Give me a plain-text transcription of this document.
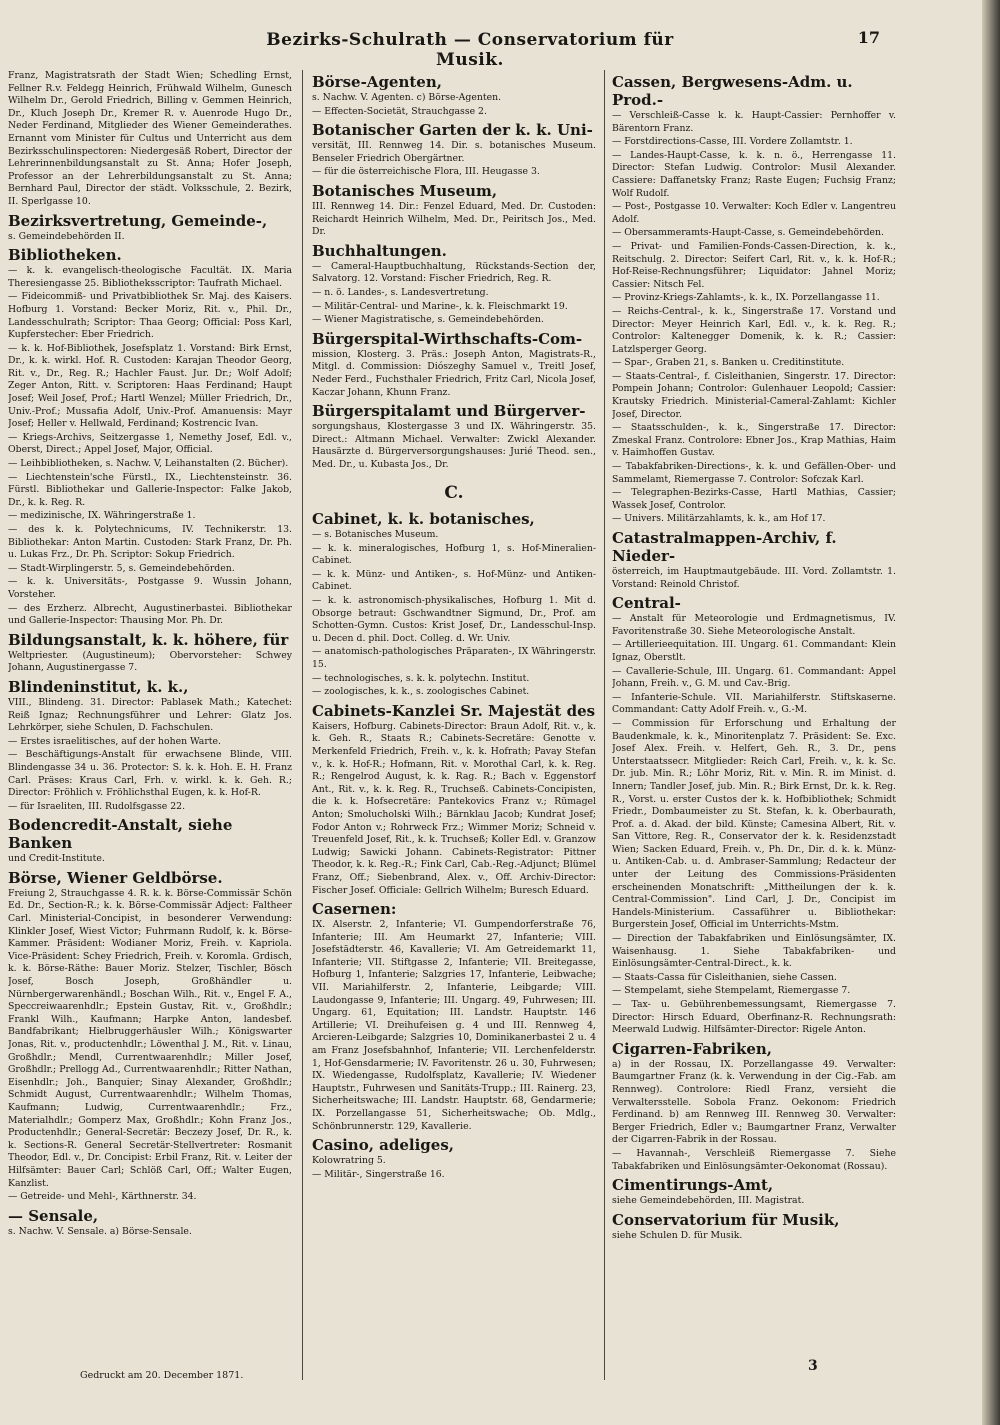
Bezirks-Schulrath — Conservatorium für Musik.
17
Franz, Magistratsrath der Stadt Wien; Schedling Ernst, Fellner R.v. Feldegg Heinrich, Frühwald Wilhelm, Gunesch Wilhelm Dr., Gerold Friedrich, Billing v. Gemmen Heinrich, Dr., Kluch Joseph Dr., Kremer R. v. Auenrode Hugo Dr., Neder Ferdinand, Mitglieder des Wiener Gemeinderathes. Ernannt vom Minister für Cultus und Unterricht aus dem Bezirksschulinspectoren: Niedergesäß Robert, Director der Lehrerinnenbildungsanstalt zu St. Anna; Hofer Joseph, Professor an der Lehrerbildungsanstalt zu St. Anna; Bernhard Paul, Director der städt. Volksschule, 2. Bezirk, II. Sperlgasse 10.
Bezirksvertretung, Gemeinde-,
s. Gemeindebehörden II.
Bibliotheken.
— k. k. evangelisch-theologische Facultät. IX. Maria Theresiengasse 25. Bibliotheksscriptor: Taufrath Michael.
— Fideicommiß- und Privatbibliothek Sr. Maj. des Kaisers. Hofburg 1. Vorstand: Becker Moriz, Rit. v., Phil. Dr., Landesschulrath; Scriptor: Thaa Georg; Official: Poss Karl, Kupferstecher: Eber Friedrich.
— k. k. Hof-Bibliothek, Josefsplatz 1. Vorstand: Birk Ernst, Dr., k. k. wirkl. Hof. R. Custoden: Karajan Theodor Georg, Rit. v., Dr., Reg. R.; Hachler Faust. Jur. Dr.; Wolf Adolf; Zeger Anton, Ritt. v. Scriptoren: Haas Ferdinand; Haupt Josef; Weil Josef, Prof.; Hartl Wenzel; Müller Friedrich, Dr., Univ.-Prof.; Mussafia Adolf, Univ.-Prof. Amanuensis: Mayr Josef; Heller v. Hellwald, Ferdinand; Kostrencic Ivan.
— Kriegs-Archivs, Seitzergasse 1, Nemethy Josef, Edl. v., Oberst, Direct.; Appel Josef, Major, Official.
— Leihbibliotheken, s. Nachw. V, Leihanstalten (2. Bücher).
— Liechtenstein'sche Fürstl., IX., Liechtensteinstr. 36. Fürstl. Bibliothekar und Gallerie-Inspector: Falke Jakob, Dr., k. k. Reg. R.
— medizinische, IX. Währingerstraße 1.
— des k. k. Polytechnicums, IV. Technikerstr. 13. Bibliothekar: Anton Martin. Custoden: Stark Franz, Dr. Ph. u. Lukas Frz., Dr. Ph. Scriptor: Sokup Friedrich.
— Stadt-Wirplingerstr. 5, s. Gemeindebehörden.
— k. k. Universitäts-, Postgasse 9. Wussin Johann, Vorsteher.
— des Erzherz. Albrecht, Augustinerbastei. Bibliothekar und Gallerie-Inspector: Thausing Mor. Ph. Dr.
Bildungsanstalt, k. k. höhere, für
Weltpriester. (Augustineum); Obervorsteher: Schwey Johann, Augustinergasse 7.
Blindeninstitut, k. k.,
VIII., Blindeng. 31. Director: Pablasek Math.; Katechet: Reiß Ignaz; Rechnungsführer und Lehrer: Glatz Jos. Lehrkörper, siehe Schulen, D. Fachschulen.
— Erstes israelitisches, auf der hohen Warte.
— Beschäftigungs-Anstalt für erwachsene Blinde, VIII. Blindengasse 34 u. 36. Protector: S. k. k. Hoh. E. H. Franz Carl. Präses: Kraus Carl, Frh. v. wirkl. k. k. Geh. R.; Director: Fröhlich v. Fröhlichsthal Eugen, k. k. Hof-R.
— für Israeliten, III. Rudolfsgasse 22.
Bodencredit-Anstalt, siehe Banken
und Credit-Institute.
Börse, Wiener Geldbörse.
Freiung 2, Strauchgasse 4. R. k. k. Börse-Commissär Schön Ed. Dr., Section-R.; k. k. Börse-Commissär Adject: Faltheer Carl. Ministerial-Concipist, in besonderer Verwendung: Klinkler Josef, Wiest Victor; Fuhrmann Rudolf, k. k. Börse-Kammer. Präsident: Wodianer Moriz, Freih. v. Kapriola. Vice-Präsident: Schey Friedrich, Freih. v. Koromla. Grdisch, k. k. Börse-Räthe: Bauer Moriz. Stelzer, Tischler, Bösch Josef, Bosch Joseph, Großhändler u. Nürnbergerwarenhändl.; Boschan Wilh., Rit. v., Engel F. A., Speccreiwaarenhdlr.; Epstein Gustav, Rit. v., Großhdlr.; Frankl Wilh., Kaufmann; Harpke Anton, landesbef. Bandfabrikant; Hielbruggerhäusler Wilh.; Königswarter Jonas, Rit. v., productenhdlr.; Löwenthal J. M., Rit. v. Linau, Großhdlr.; Mendl, Currentwaarenhdlr.; Miller Josef, Großhdlr.; Prellogg Ad., Currentwaarenhdlr.; Ritter Nathan, Eisenhdlr.; Joh., Banquier; Sinay Alexander, Großhdlr.; Schmidt August, Currentwaarenhdlr.; Wilhelm Thomas, Kaufmann; Ludwig, Currentwaarenhdlr.; Frz., Materialhdlr.; Gomperz Max, Großhdlr.; Kohn Franz Jos., Productenhdlr.; General-Secretär: Beczezy Josef, Dr. R., k. k. Sections-R. General Secretär-Stellvertreter: Rosmanit Theodor, Edl. v., Dr. Concipist: Erbil Franz, Rit. v. Leiter der Hilfsämter: Bauer Carl; Schlöß Carl, Off.; Walter Eugen, Kanzlist.
— Getreide- und Mehl-, Kärthnerstr. 34.
— Sensale,
s. Nachw. V. Sensale. a) Börse-Sensale.
Börse-Agenten,
s. Nachw. V. Agenten. c) Börse-Agenten.
— Effecten-Societät, Strauchgasse 2.
Botanischer Garten der k. k. Uni-
versität, III. Rennweg 14. Dir. s. botanisches Museum. Benseler Friedrich Obergärtner.
— für die österreichische Flora, III. Heugasse 3.
Botanisches Museum,
III. Rennweg 14. Dir.: Fenzel Eduard, Med. Dr. Custoden: Reichardt Heinrich Wilhelm, Med. Dr., Peiritsch Jos., Med. Dr.
Buchhaltungen.
— Cameral-Hauptbuchhaltung, Rückstands-Section der, Salvatorg. 12. Vorstand: Fischer Friedrich, Reg. R.
— n. ö. Landes-, s. Landesvertretung.
— Militär-Central- und Marine-, k. k. Fleischmarkt 19.
— Wiener Magistratische, s. Gemeindebehörden.
Bürgerspital-Wirthschafts-Com-
mission, Klosterg. 3. Präs.: Joseph Anton, Magistrats-R., Mitgl. d. Commission: Diószeghy Samuel v., Treitl Josef, Neder Ferd., Fuchsthaler Friedrich, Fritz Carl, Nicola Josef, Kaczar Johann, Khunn Franz.
Bürgerspitalamt und Bürgerver-
sorgungshaus, Klostergasse 3 und IX. Währingerstr. 35. Direct.: Altmann Michael. Verwalter: Zwickl Alexander. Hausärzte d. Bürgerversorgungshauses: Jurié Theod. sen., Med. Dr., u. Kubasta Jos., Dr.
C.
Cabinet, k. k. botanisches,
— s. Botanisches Museum.
— k. k. mineralogisches, Hofburg 1, s. Hof-Mineralien-Cabinet.
— k. k. Münz- und Antiken-, s. Hof-Münz- und Antiken-Cabinet.
— k. k. astronomisch-physikalisches, Hofburg 1. Mit d. Obsorge betraut: Gschwandtner Sigmund, Dr., Prof. am Schotten-Gymn. Custos: Krist Josef, Dr., Landesschul-Insp. u. Decen d. phil. Doct. Colleg. d. Wr. Univ.
— anatomisch-pathologisches Präparaten-, IX Währingerstr. 15.
— technologisches, s. k. k. polytechn. Institut.
— zoologisches, k. k., s. zoologisches Cabinet.
Cabinets-Kanzlei Sr. Majestät des
Kaisers, Hofburg. Cabinets-Director: Braun Adolf, Rit. v., k. k. Geh. R., Staats R.; Cabinets-Secretäre: Genotte v. Merkenfeld Friedrich, Freih. v., k. k. Hofrath; Pavay Stefan v., k. k. Hof-R.; Hofmann, Rit. v. Morothal Carl, k. k. Reg. R.; Rengelrod August, k. k. Rag. R.; Bach v. Eggenstorf Ant., Rit. v., k. k. Reg. R., Truchseß. Cabinets-Concipisten, die k. k. Hofsecretäre: Pantekovics Franz v.; Rümagel Anton; Smolucholski Wilh.; Bärnklau Jacob; Kundrat Josef; Fodor Anton v.; Rohrweck Frz.; Wimmer Moriz; Schneid v. Treuenfeld Josef, Rit., k. k. Truchseß; Koller Edl. v. Granzow Ludwig; Sawicki Johann. Cabinets-Registrator: Pittner Theodor, k. k. Reg.-R.; Fink Carl, Cab.-Reg.-Adjunct; Blümel Franz, Off.; Siebenbrand, Alex. v., Off. Archiv-Director: Fischer Josef. Officiale: Gellrich Wilhelm; Buresch Eduard.
Casernen:
IX. Alserstr. 2, Infanterie; VI. Gumpendorferstraße 76, Infanterie; III. Am Heumarkt 27, Infanterie; VIII. Josefstädterstr. 46, Kavallerie; VI. Am Getreidemarkt 11, Infanterie; VII. Stiftgasse 2, Infanterie; VII. Breitegasse, Hofburg 1, Infanterie; Salzgries 17, Infanterie, Leibwache; VII. Mariahilferstr. 2, Infanterie, Leibgarde; VIII. Laudongasse 9, Infanterie; III. Ungarg. 49, Fuhrwesen; III. Ungarg. 61, Equitation; III. Landstr. Hauptstr. 146 Artillerie; VI. Dreihufeisen g. 4 und III. Rennweg 4, Arcieren-Leibgarde; Salzgries 10, Dominikanerbastei 2 u. 4 am Franz Josefsbahnhof, Infanterie; VII. Lerchenfelderstr. 1, Hof-Gensdarmerie; IV. Favoritenstr. 26 u. 30, Fuhrwesen; IX. Wiedengasse, Rudolfsplatz, Kavallerie; IV. Wiedener Hauptstr., Fuhrwesen und Sanitäts-Trupp.; III. Rainerg. 23, Sicherheitswache; III. Landstr. Hauptstr. 68, Gendarmerie; IX. Porzellangasse 51, Sicherheitswache; Ob. Mdlg., Schönbrunnerstr. 129, Kavallerie.
Casino, adeliges,
Kolowratring 5.
— Militär-, Singerstraße 16.
Cassen, Bergwesens-Adm. u. Prod.-
— Verschleiß-Casse k. k. Haupt-Cassier: Pernhoffer v. Bärentorn Franz.
— Forstdirections-Casse, III. Vordere Zollamtstr. 1.
— Landes-Haupt-Casse, k. k. n. ö., Herrengasse 11. Director: Stefan Ludwig. Controlor: Musil Alexander. Cassiere: Daffanetsky Franz; Raste Eugen; Fuchsig Franz; Wolf Rudolf.
— Post-, Postgasse 10. Verwalter: Koch Edler v. Langentreu Adolf.
— Obersammeramts-Haupt-Casse, s. Gemeindebehörden.
— Privat- und Familien-Fonds-Cassen-Direction, k. k., Reitschulg. 2. Director: Seifert Carl, Rit. v., k. k. Hof-R.; Hof-Reise-Rechnungsführer; Liquidator: Jahnel Moriz; Cassier: Nitsch Fel.
— Provinz-Kriegs-Zahlamts-, k. k., IX. Porzellangasse 11.
— Reichs-Central-, k. k., Singerstraße 17. Vorstand und Director: Meyer Heinrich Karl, Edl. v., k. k. Reg. R.; Controlor: Kaltenegger Domenik, k. k. R.; Cassier: Latzlsperger Georg.
— Spar-, Graben 21, s. Banken u. Creditinstitute.
— Staats-Central-, f. Cisleithanien, Singerstr. 17. Director: Pompein Johann; Controlor: Gulenhauer Leopold; Cassier: Krautsky Friedrich. Ministerial-Cameral-Zahlamt: Kichler Josef, Director.
— Staatsschulden-, k. k., Singerstraße 17. Director: Zmeskal Franz. Controlore: Ebner Jos., Krap Mathias, Haim v. Haimhoffen Gustav.
— Tabakfabriken-Directions-, k. k. und Gefällen-Ober- und Sammelamt, Riemergasse 7. Controlor: Sofczak Karl.
— Telegraphen-Bezirks-Casse, Hartl Mathias, Cassier; Wassek Josef, Controlor.
— Univers. Militärzahlamts, k. k., am Hof 17.
Catastralmappen-Archiv, f. Nieder-
österreich, im Hauptmautgebäude. III. Vord. Zollamtstr. 1. Vorstand: Reinold Christof.
Central-
— Anstalt für Meteorologie und Erdmagnetismus, IV. Favoritenstraße 30. Siehe Meteorologische Anstalt.
— Artillerieequitation. III. Ungarg. 61. Commandant: Klein Ignaz, Oberstlt.
— Cavallerie-Schule, III. Ungarg. 61. Commandant: Appel Johann, Freih. v., G. M. und Cav.-Brig.
— Infanterie-Schule. VII. Mariahilferstr. Stiftskaserne. Commandant: Catty Adolf Freih. v., G.-M.
— Commission für Erforschung und Erhaltung der Baudenkmale, k. k., Minoritenplatz 7. Präsident: Se. Exc. Josef Alex. Freih. v. Helfert, Geh. R., 3. Dr., pens Unterstaatssecr. Mitglieder: Reich Carl, Freih. v., k. k. Sc. Dr. jub. Min. R.; Löhr Moriz, Rit. v. Min. R. im Minist. d. Innern; Tandler Josef, jub. Min. R.; Birk Ernst, Dr. k. k. Reg. R., Vorst. u. erster Custos der k. k. Hofbibliothek; Schmidt Friedr., Dombaumeister zu St. Stefan, k. k. Oberbaurath, Prof. a. d. Akad. der bild. Künste; Camesina Albert, Rit. v. San Vittore, Reg. R., Conservator der k. k. Residenzstadt Wien; Sacken Eduard, Freih. v., Ph. Dr., Dir. d. k. k. Münz- u. Antiken-Cab. u. d. Ambraser-Sammlung; Redacteur der unter der Leitung des Commissions-Präsidenten erscheinenden Monatschrift: „Mittheilungen der k. k. Central-Commission". Lind Carl, J. Dr., Concipist im Handels-Ministerium. Cassaführer u. Bibliothekar: Burgerstein Josef, Official im Unterrichts-Mstm.
— Direction der Tabakfabriken und Einlösungsämter, IX. Waisenhausg. 1. Siehe Tabakfabriken- und Einlösungsämter-Central-Direct., k. k.
— Staats-Cassa für Cisleithanien, siehe Cassen.
— Stempelamt, siehe Stempelamt, Riemergasse 7.
— Tax- u. Gebührenbemessungsamt, Riemergasse 7. Director: Hirsch Eduard, Oberfinanz-R. Rechnungsrath: Meerwald Ludwig. Hilfsämter-Director: Rigele Anton.
Cigarren-Fabriken,
a) in der Rossau, IX. Porzellangasse 49. Verwalter: Baumgartner Franz (k. k. Verwendung in der Cig.-Fab. am Rennweg). Controlore: Riedl Franz, versieht die Verwaltersstelle. Sobola Franz. Oekonom: Friedrich Ferdinand. b) am Rennweg III. Rennweg 30. Verwalter: Berger Friedrich, Edler v.; Baumgartner Franz, Verwalter der Cigarren-Fabrik in der Rossau.
— Havannah-, Verschleiß Riemergasse 7. Siehe Tabakfabriken und Einlösungsämter-Oekonomat (Rossau).
Cimentirungs-Amt,
siehe Gemeindebehörden, III. Magistrat.
Conservatorium für Musik,
siehe Schulen D. für Musik.
Gedruckt am 20. December 1871.
3
